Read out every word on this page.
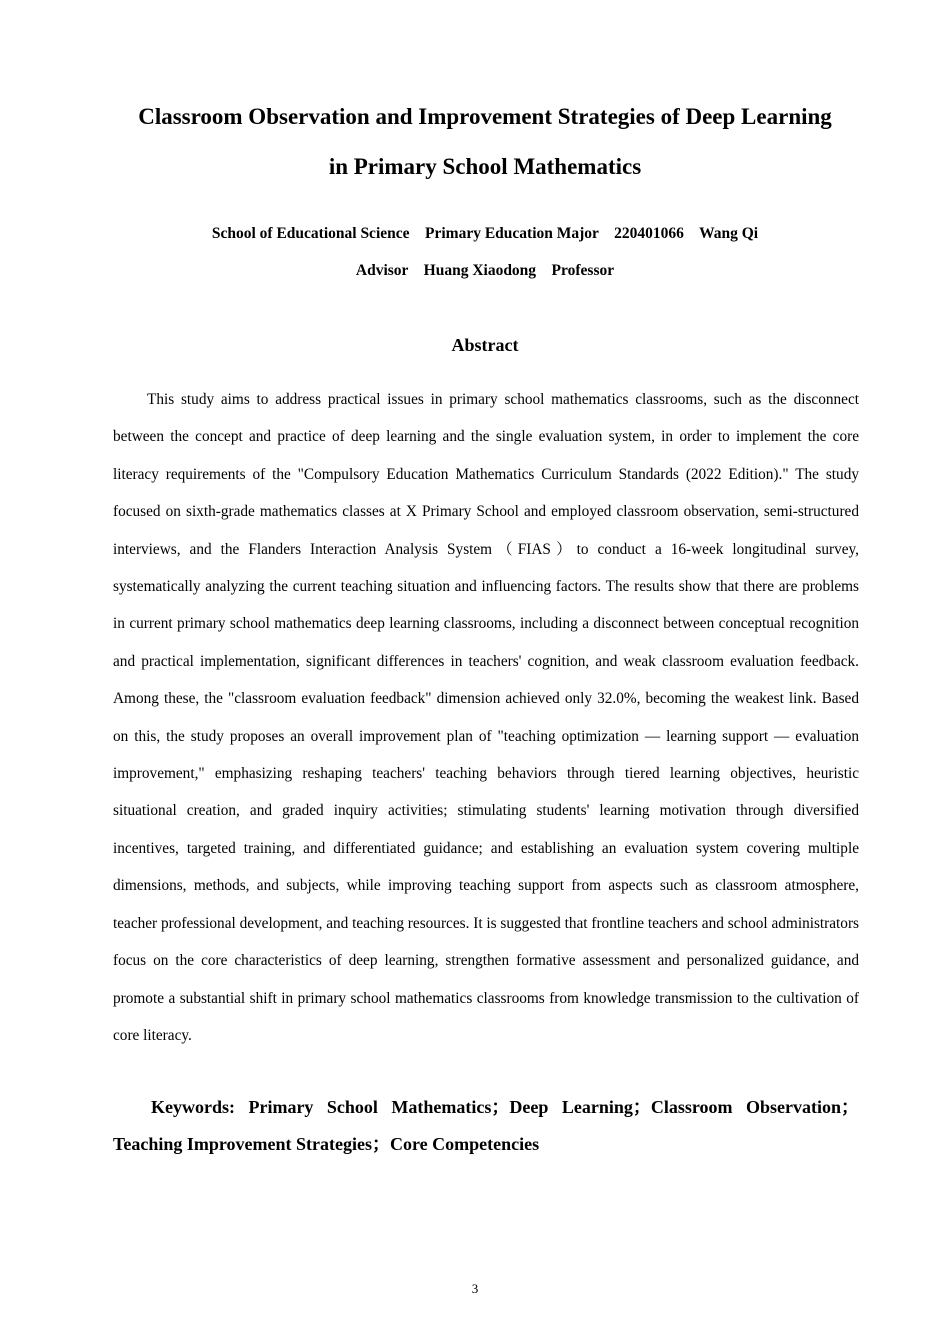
Classroom Observation and Improvement Strategies of Deep Learning
in Primary School Mathematics
School of Educational Science    Primary Education Major    220401066    Wang Qi
Advisor    Huang Xiaodong    Professor
Abstract

This study aims to address practical issues in primary school mathematics classrooms, such as the disconnect between the concept and practice of deep learning and the single evaluation system, in order to implement the core literacy requirements of the "Compulsory Education Mathematics Curriculum Standards (2022 Edition)." The study focused on sixth-grade mathematics classes at X Primary School and employed classroom observation, semi-structured interviews, and the Flanders Interaction Analysis System（FIAS）to conduct a 16-week longitudinal survey, systematically analyzing the current teaching situation and influencing factors. The results show that there are problems in current primary school mathematics deep learning classrooms, including a disconnect between conceptual recognition and practical implementation, significant differences in teachers' cognition, and weak classroom evaluation feedback. Among these, the "classroom evaluation feedback" dimension achieved only 32.0%, becoming the weakest link. Based on this, the study proposes an overall improvement plan of "teaching optimization — learning support — evaluation improvement," emphasizing reshaping teachers' teaching behaviors through tiered learning objectives, heuristic situational creation, and graded inquiry activities; stimulating students' learning motivation through diversified incentives, targeted training, and differentiated guidance; and establishing an evaluation system covering multiple dimensions, methods, and subjects, while improving teaching support from aspects such as classroom atmosphere, teacher professional development, and teaching resources. It is suggested that frontline teachers and school administrators focus on the core characteristics of deep learning, strengthen formative assessment and personalized guidance, and promote a substantial shift in primary school mathematics classrooms from knowledge transmission to the cultivation of core literacy.

Keywords: Primary School Mathematics；Deep Learning；Classroom Observation；Teaching Improvement Strategies；Core Competencies

3
